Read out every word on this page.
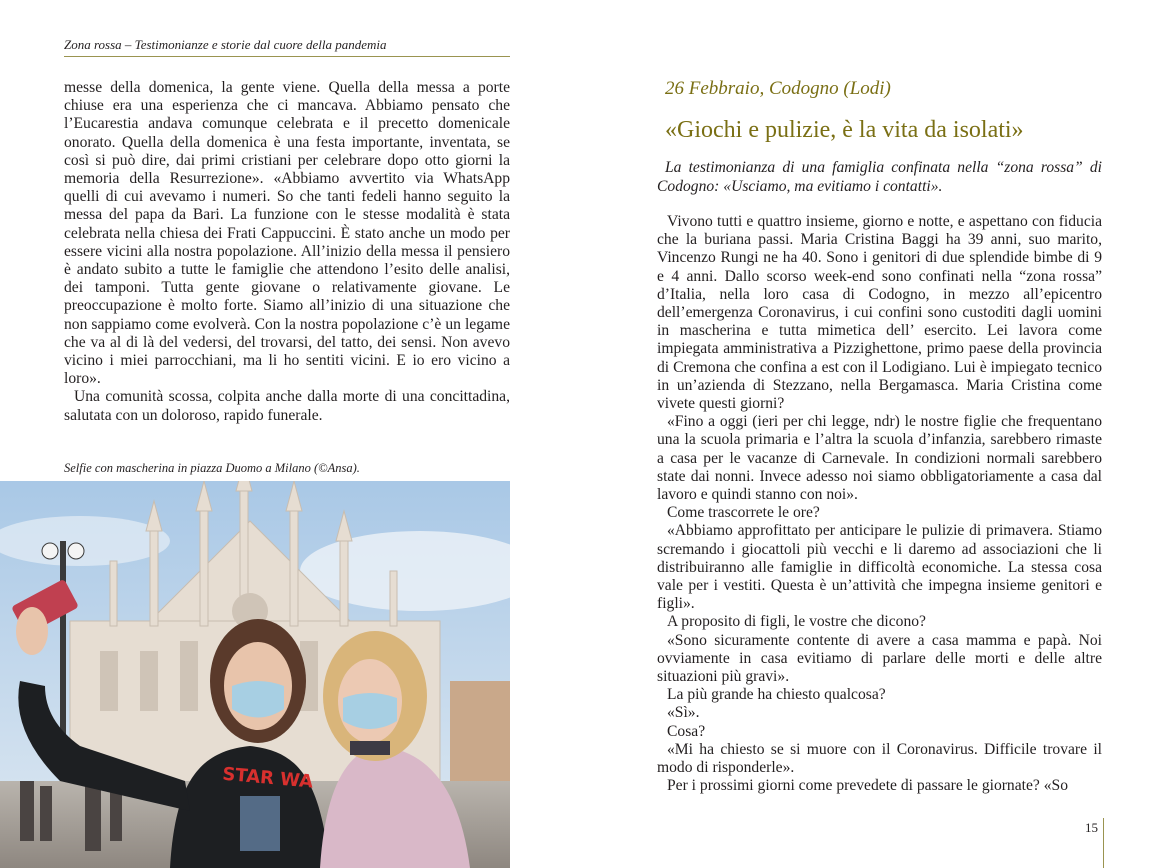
Zona rossa – Testimonianze e storie dal cuore della pandemia

messe della domenica, la gente viene. Quella della messa a porte chiuse era una esperienza che ci mancava. Abbiamo pensato che l’Eucarestia andava comunque celebrata e il precetto domenicale onorato. Quella della domenica è una festa importante, inventata, se così si può dire, dai primi cristiani per celebrare dopo otto giorni la memoria della Resurrezione». «Abbiamo avvertito via WhatsApp quelli di cui avevamo i numeri. So che tanti fedeli hanno seguito la messa del papa da Bari. La funzione con le stesse modalità è stata celebrata nella chiesa dei Frati Cappuccini. È stato anche un modo per essere vicini alla nostra popolazione. All’inizio della messa il pensiero è andato subito a tutte le famiglie che attendono l’esito delle analisi, dei tamponi. Tutta gente giovane o relativamente giovane. Le preoccupazione è molto forte. Siamo all’inizio di una situazione che non sappiamo come evolverà. Con la nostra popolazione c’è un legame che va al di là del vedersi, del trovarsi, del tatto, dei sensi. Non avevo vicino i miei parrocchiani, ma li ho sentiti vicini. E io ero vicino a loro».

Una comunità scossa, colpita anche dalla morte di una concittadina, salutata con un doloroso, rapido funerale.

Selfie con mascherina in piazza Duomo a Milano (©Ansa).
STAR WA
26 Febbraio, Codogno (Lodi)
«Giochi e pulizie, è la vita da isolati»
La testimonianza di una famiglia confinata nella “zona rossa” di Codogno: «Usciamo, ma evitiamo i contatti».

Vivono tutti e quattro insieme, giorno e notte, e aspettano con fiducia che la buriana passi. Maria Cristina Baggi ha 39 anni, suo marito, Vincenzo Rungi ne ha 40. Sono i genitori di due splendide bimbe di 9 e 4 anni. Dallo scorso week-end sono confinati nella “zona rossa” d’Italia, nella loro casa di Codogno, in mezzo all’epicentro dell’emergenza Coronavirus, i cui confini sono custoditi dagli uomini in mascherina e tutta mimetica dell’ esercito. Lei lavora come impiegata amministrativa a Pizzighettone, primo paese della provincia di Cremona che confina a est con il Lodigiano. Lui è impiegato tecnico in un’azienda di Stezzano, nella Bergamasca. Maria Cristina come vivete questi giorni?

«Fino a oggi (ieri per chi legge, ndr) le nostre figlie che frequentano una la scuola primaria e l’altra la scuola d’infanzia, sarebbero rimaste a casa per le vacanze di Carnevale. In condizioni normali sarebbero state dai nonni. Invece adesso noi siamo obbligatoriamente a casa dal lavoro e quindi stanno con noi».

Come trascorrete le ore?

«Abbiamo approfittato per anticipare le pulizie di primavera. Stiamo scremando i giocattoli più vecchi e li daremo ad associazioni che li distribuiranno alle famiglie in difficoltà economiche. La stessa cosa vale per i vestiti. Questa è un’attività che impegna insieme genitori e figli».

A proposito di figli, le vostre che dicono?

«Sono sicuramente contente di avere a casa mamma e papà. Noi ovviamente in casa evitiamo di parlare delle morti e delle altre situazioni più gravi».

La più grande ha chiesto qualcosa?

«Sì».

Cosa?

«Mi ha chiesto se si muore con il Coronavirus. Difficile trovare il modo di risponderle».

Per i prossimi giorni come prevedete di passare le giornate? «So

15
